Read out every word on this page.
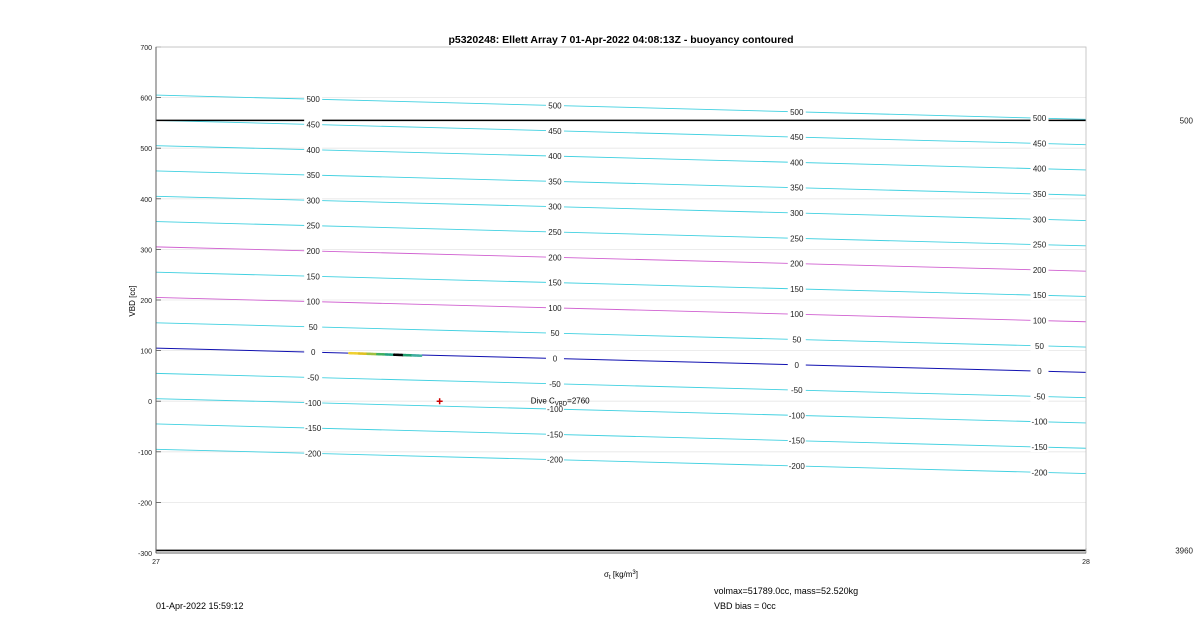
500
3960
500
500
500
500
450
450
450
450
400
400
400
400
350
350
350
350
300
300
300
300
250
250
250
250
200
200
200
200
150
150
150
150
100
100
100
100
50
50
50
50
0
0
0
0
-50
-50
-50
-50
-100
-100
-100
-100
-150
-150
-150
-150
-200
-200
-200
-200
Dive $C_{VBD}=2760$
700
600
500
400
300
200
100
0
-100
-200
-300
27	28
p5320248: Ellett Array 7 01-Apr-2022 04:08:13Z - buoyancy contoured
VBD [cc]
$\sigma_t$ $[kg/m^3]$
01-Apr-2022 15:59:12
volmax=51789.0cc, mass=52.520kg
VBD bias = 0cc
